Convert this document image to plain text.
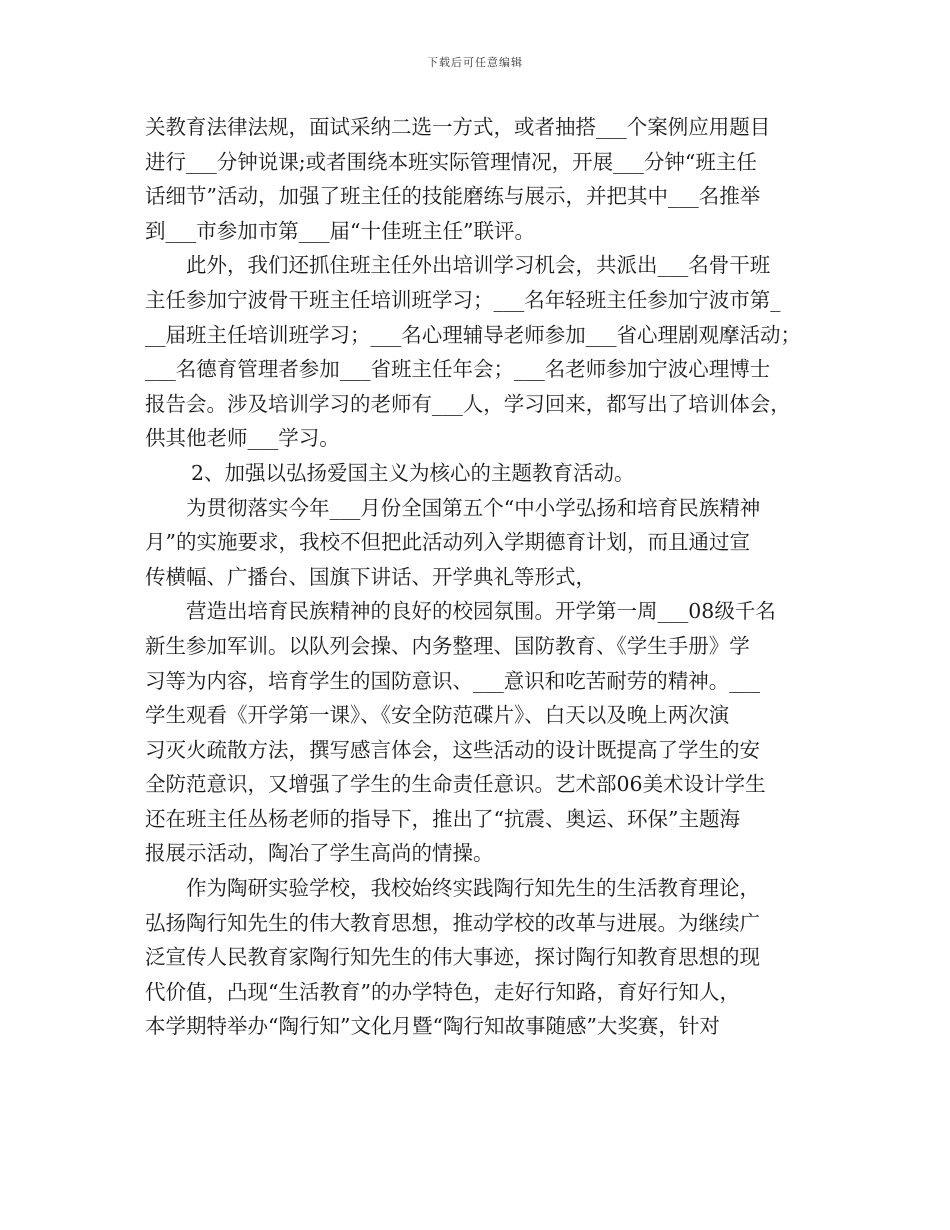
下载后可任意编辑
关教育法律法规，面试采纳二选一方式，或者抽搭___个案例应用题目
进行___分钟说课;或者围绕本班实际管理情况，开展___分钟“班主任
话细节”活动，加强了班主任的技能磨练与展示，并把其中___名推举
到___市参加市第___届“十佳班主任”联评。
此外，我们还抓住班主任外出培训学习机会，共派出___名骨干班
主任参加宁波骨干班主任培训班学习；___名年轻班主任参加宁波市第_
__届班主任培训班学习；___名心理辅导老师参加___省心理剧观摩活动；
___名德育管理者参加___省班主任年会；___名老师参加宁波心理博士
报告会。涉及培训学习的老师有___人，学习回来，都写出了培训体会，
供其他老师___学习。
2、加强以弘扬爱国主义为核心的主题教育活动。
为贯彻落实今年___月份全国第五个“中小学弘扬和培育民族精神
月”的实施要求，我校不但把此活动列入学期德育计划，而且通过宣
传横幅、广播台、国旗下讲话、开学典礼等形式，
营造出培育民族精神的良好的校园氛围。开学第一周___08级千名
新生参加军训。以队列会操、内务整理、国防教育、《学生手册》学
习等为内容，培育学生的国防意识、___意识和吃苦耐劳的精神。___
学生观看《开学第一课》、《安全防范碟片》、白天以及晚上两次演
习灭火疏散方法，撰写感言体会，这些活动的设计既提高了学生的安
全防范意识，又增强了学生的生命责任意识。艺术部06美术设计学生
还在班主任丛杨老师的指导下，推出了“抗震、奥运、环保”主题海
报展示活动，陶冶了学生高尚的情操。
作为陶研实验学校，我校始终实践陶行知先生的生活教育理论，
弘扬陶行知先生的伟大教育思想，推动学校的改革与进展。为继续广
泛宣传人民教育家陶行知先生的伟大事迹，探讨陶行知教育思想的现
代价值，凸现“生活教育”的办学特色，走好行知路，育好行知人，
本学期特举办“陶行知”文化月暨“陶行知故事随感”大奖赛，针对
